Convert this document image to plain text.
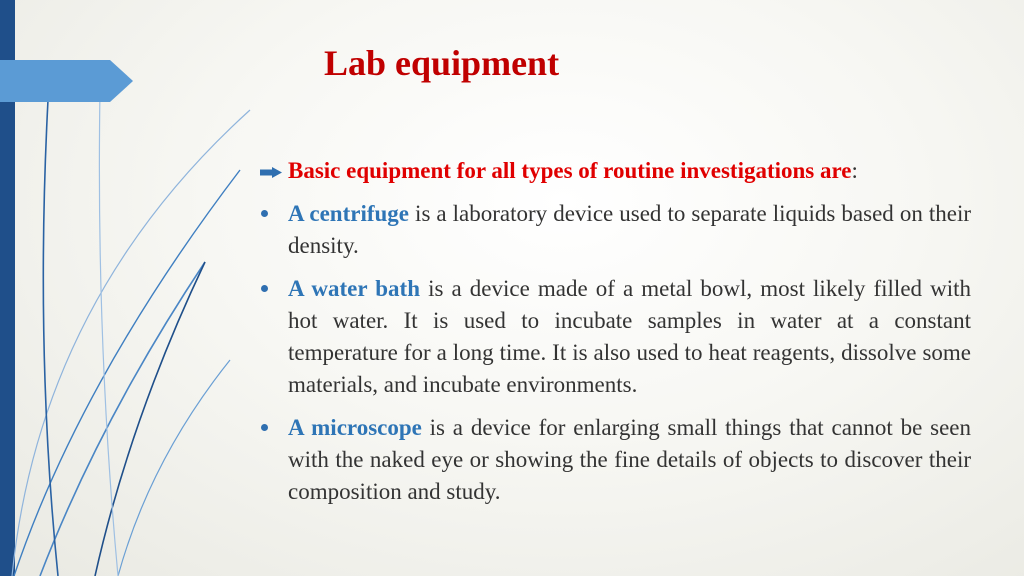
Lab equipment
Basic equipment for all types of routine investigations are:
A centrifuge is a laboratory device used to separate liquids based on their density.
A water bath is a device made of a metal bowl, most likely filled with hot water. It is used to incubate samples in water at a constant temperature for a long time. It is also used to heat reagents, dissolve some materials, and incubate environments.
A microscope is a device for enlarging small things that cannot be seen with the naked eye or showing the fine details of objects to discover their composition and study.
